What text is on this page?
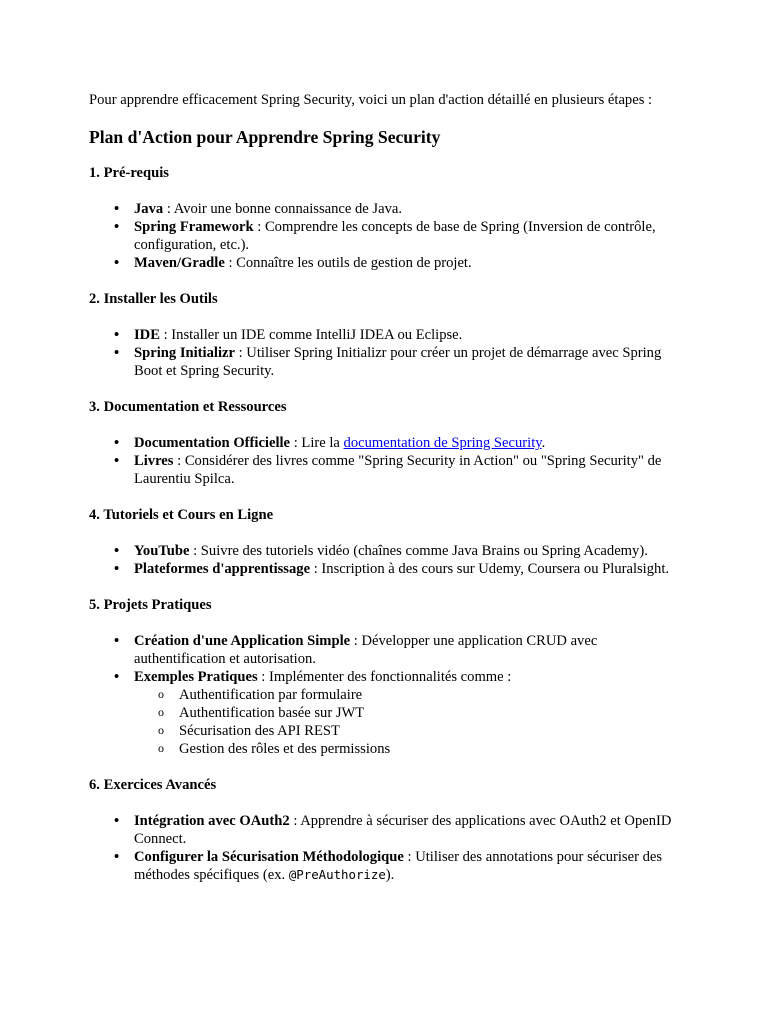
Pour apprendre efficacement Spring Security, voici un plan d'action détaillé en plusieurs étapes :

Plan d'Action pour Apprendre Spring Security
1. Pré-requis
• Java : Avoir une bonne connaissance de Java.
• Spring Framework : Comprendre les concepts de base de Spring (Inversion de contrôle, configuration, etc.).
• Maven/Gradle : Connaître les outils de gestion de projet.
2. Installer les Outils
• IDE : Installer un IDE comme IntelliJ IDEA ou Eclipse.
• Spring Initializr : Utiliser Spring Initializr pour créer un projet de démarrage avec Spring Boot et Spring Security.
3. Documentation et Ressources
• Documentation Officielle : Lire la documentation de Spring Security.
• Livres : Considérer des livres comme "Spring Security in Action" ou "Spring Security" de Laurentiu Spilca.
4. Tutoriels et Cours en Ligne
• YouTube : Suivre des tutoriels vidéo (chaînes comme Java Brains ou Spring Academy).
• Plateformes d'apprentissage : Inscription à des cours sur Udemy, Coursera ou Pluralsight.
5. Projets Pratiques
• Création d'une Application Simple : Développer une application CRUD avec authentification et autorisation.
• Exemples Pratiques : Implémenter des fonctionnalités comme :
o Authentification par formulaire
o Authentification basée sur JWT
o Sécurisation des API REST
o Gestion des rôles et des permissions
6. Exercices Avancés
• Intégration avec OAuth2 : Apprendre à sécuriser des applications avec OAuth2 et OpenID Connect.
• Configurer la Sécurisation Méthodologique : Utiliser des annotations pour sécuriser des méthodes spécifiques (ex. @PreAuthorize).
